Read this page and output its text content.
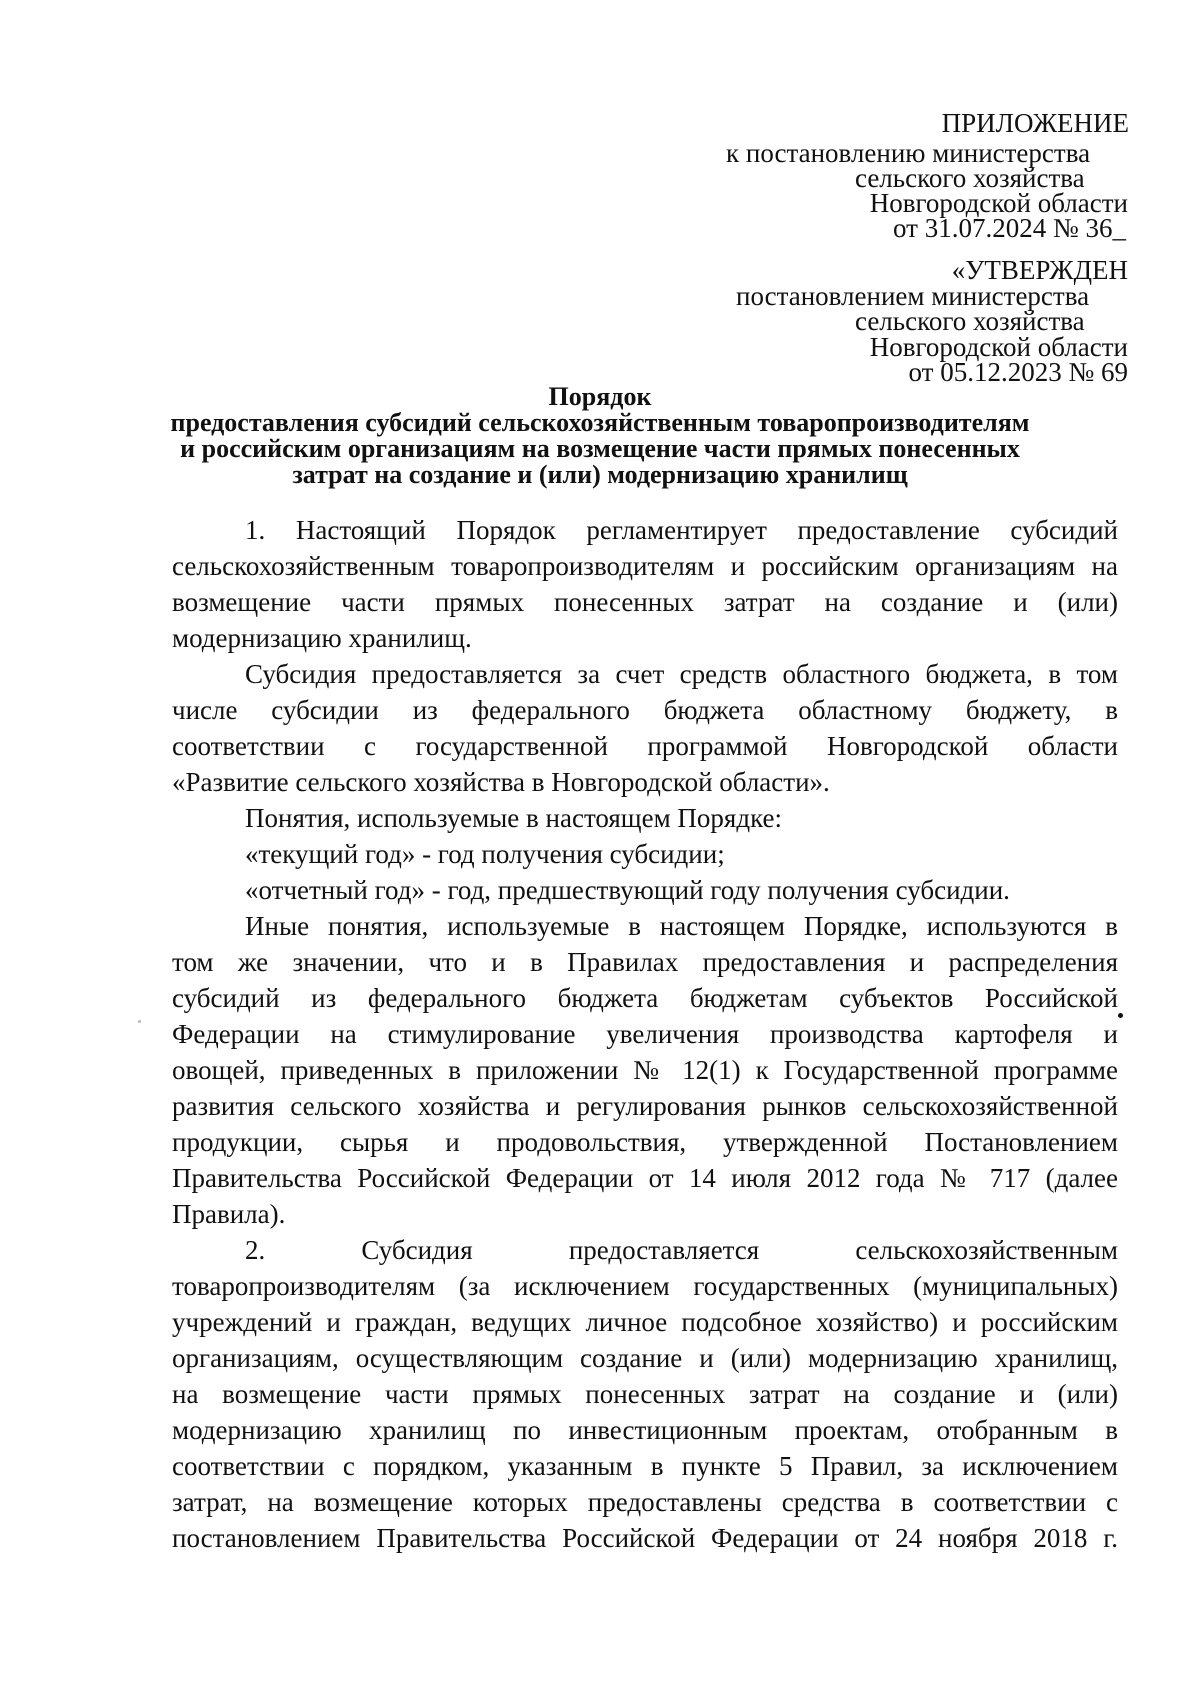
ПРИЛОЖЕНИЕ
к постановлению министерства
сельского хозяйства
Новгородской области
от 31.07.2024 № 36_
«УТВЕРЖДЕН
постановлением министерства
сельского хозяйства
Новгородской области
от 05.12.2023 № 69
Порядок
предоставления субсидий сельскохозяйственным товаропроизводителям
и российским организациям на возмещение части прямых понесенных
затрат на создание и (или) модернизацию хранилищ
1. Настоящий Порядок регламентирует предоставление субсидий
сельскохозяйственным товаропроизводителям и российским организациям на
возмещение части прямых понесенных затрат на создание и (или)
модернизацию хранилищ.
Субсидия предоставляется за счет средств областного бюджета, в том
числе субсидии из федерального бюджета областному бюджету, в
соответствии с государственной программой Новгородской области
«Развитие сельского хозяйства в Новгородской области».
Понятия, используемые в настоящем Порядке:
«текущий год» - год получения субсидии;
«отчетный год» - год, предшествующий году получения субсидии.
Иные понятия, используемые в настоящем Порядке, используются в
том же значении, что и в Правилах предоставления и распределения
субсидий из федерального бюджета бюджетам субъектов Российской
Федерации на стимулирование увеличения производства картофеля и
овощей, приведенных в приложении № 12(1) к Государственной программе
развития сельского хозяйства и регулирования рынков сельскохозяйственной
продукции, сырья и продовольствия, утвержденной Постановлением
Правительства Российской Федерации от 14 июля 2012 года № 717 (далее
Правила).
2. Субсидия предоставляется сельскохозяйственным
товаропроизводителям (за исключением государственных (муниципальных)
учреждений и граждан, ведущих личное подсобное хозяйство) и российским
организациям, осуществляющим создание и (или) модернизацию хранилищ,
на возмещение части прямых понесенных затрат на создание и (или)
модернизацию хранилищ по инвестиционным проектам, отобранным в
соответствии с порядком, указанным в пункте 5 Правил, за исключением
затрат, на возмещение которых предоставлены средства в соответствии с
постановлением Правительства Российской Федерации от 24 ноября 2018 г.
